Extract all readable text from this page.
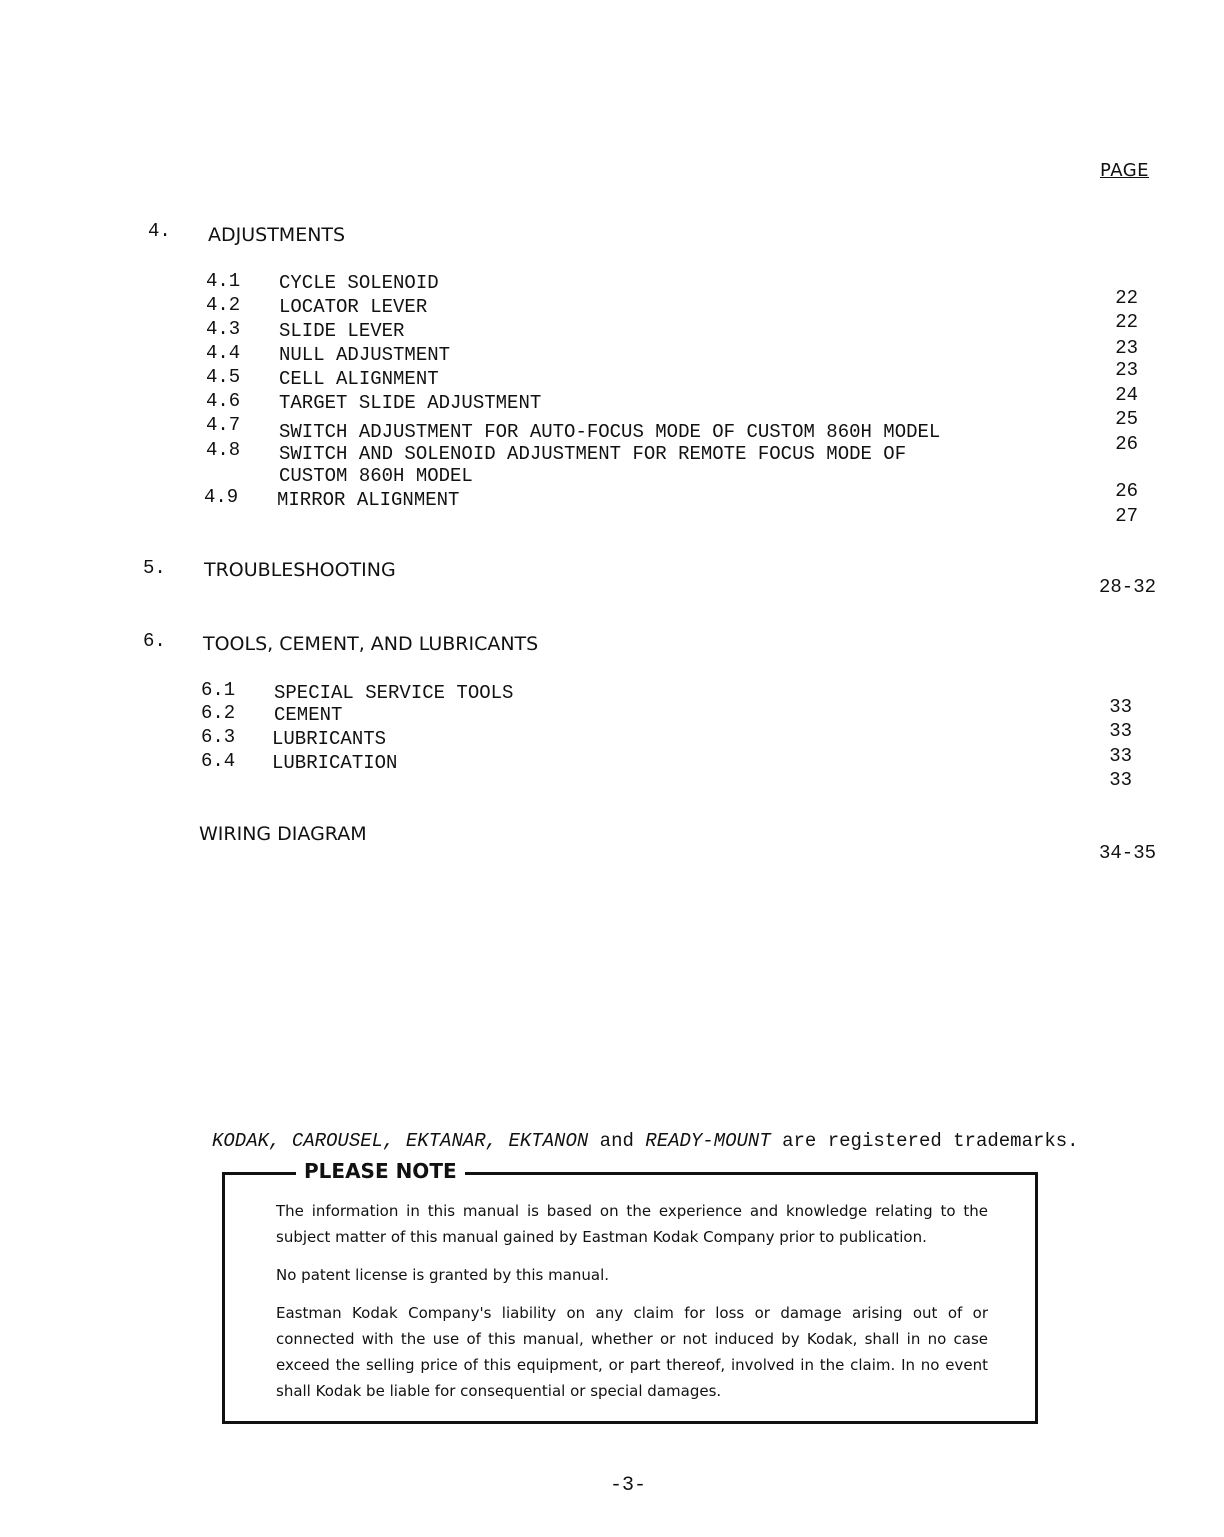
PAGE
4. ADJUSTMENTS
4.1 CYCLE SOLENOID
4.2 LOCATOR LEVER
4.3 SLIDE LEVER
4.4 NULL ADJUSTMENT
4.5 CELL ALIGNMENT
4.6 TARGET SLIDE ADJUSTMENT
4.7 SWITCH ADJUSTMENT FOR AUTO-FOCUS MODE OF CUSTOM 860H MODEL
4.8 SWITCH AND SOLENOID ADJUSTMENT FOR REMOTE FOCUS MODE OF
CUSTOM 860H MODEL
4.9 MIRROR ALIGNMENT
22
22
23
23
24
25
26
26
27
5. TROUBLESHOOTING
28-32
6. TOOLS, CEMENT, AND LUBRICANTS
6.1 SPECIAL SERVICE TOOLS
6.2 CEMENT
6.3 LUBRICANTS
6.4 LUBRICATION
33
33
33
33
WIRING DIAGRAM
34-35
KODAK, CAROUSEL, EKTANAR, EKTANON and READY-MOUNT are registered trademarks.
PLEASE NOTE
The information in this manual is based on the experience and knowledge relating to the subject matter of this manual gained by Eastman Kodak Company prior to publication.
No patent license is granted by this manual.
Eastman Kodak Company's liability on any claim for loss or damage arising out of or connected with the use of this manual, whether or not induced by Kodak, shall in no case exceed the selling price of this equipment, or part thereof, involved in the claim. In no event shall Kodak be liable for consequential or special damages.
-3-
